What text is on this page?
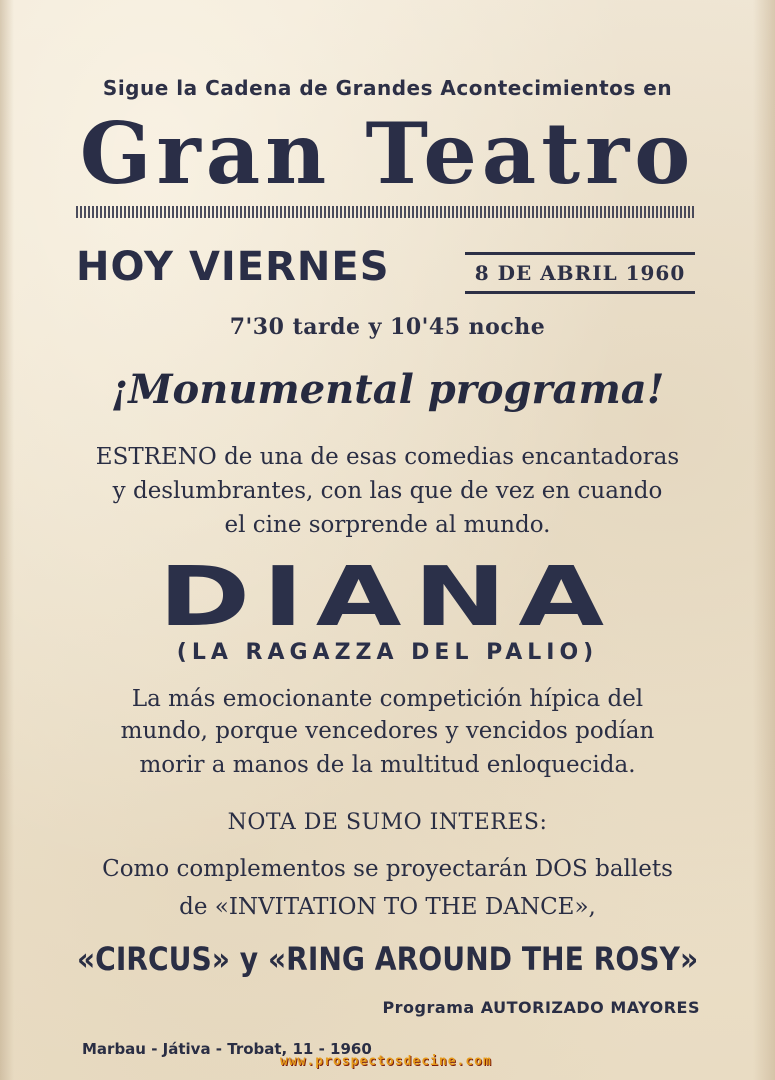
Sigue la Cadena de Grandes Acontecimientos en
Gran Teatro
HOY VIERNES	8 DE ABRIL 1960
7'30 tarde y 10'45 noche
¡Monumental programa!
ESTRENO de una de esas comedias encantadoras
y deslumbrantes, con las que de vez en cuando
el cine sorprende al mundo.
DIANA
(LA RAGAZZA DEL PALIO)
La más emocionante competición hípica del
mundo, porque vencedores y vencidos podían
morir a manos de la multitud enloquecida.
NOTA DE SUMO INTERES:
Como complementos se proyectarán DOS ballets
de «INVITATION TO THE DANCE»,
«CIRCUS» y «RING AROUND THE ROSY»
Programa AUTORIZADO MAYORES
Marbau - Játiva - Trobat, 11 - 1960
www.prospectosdecine.com
